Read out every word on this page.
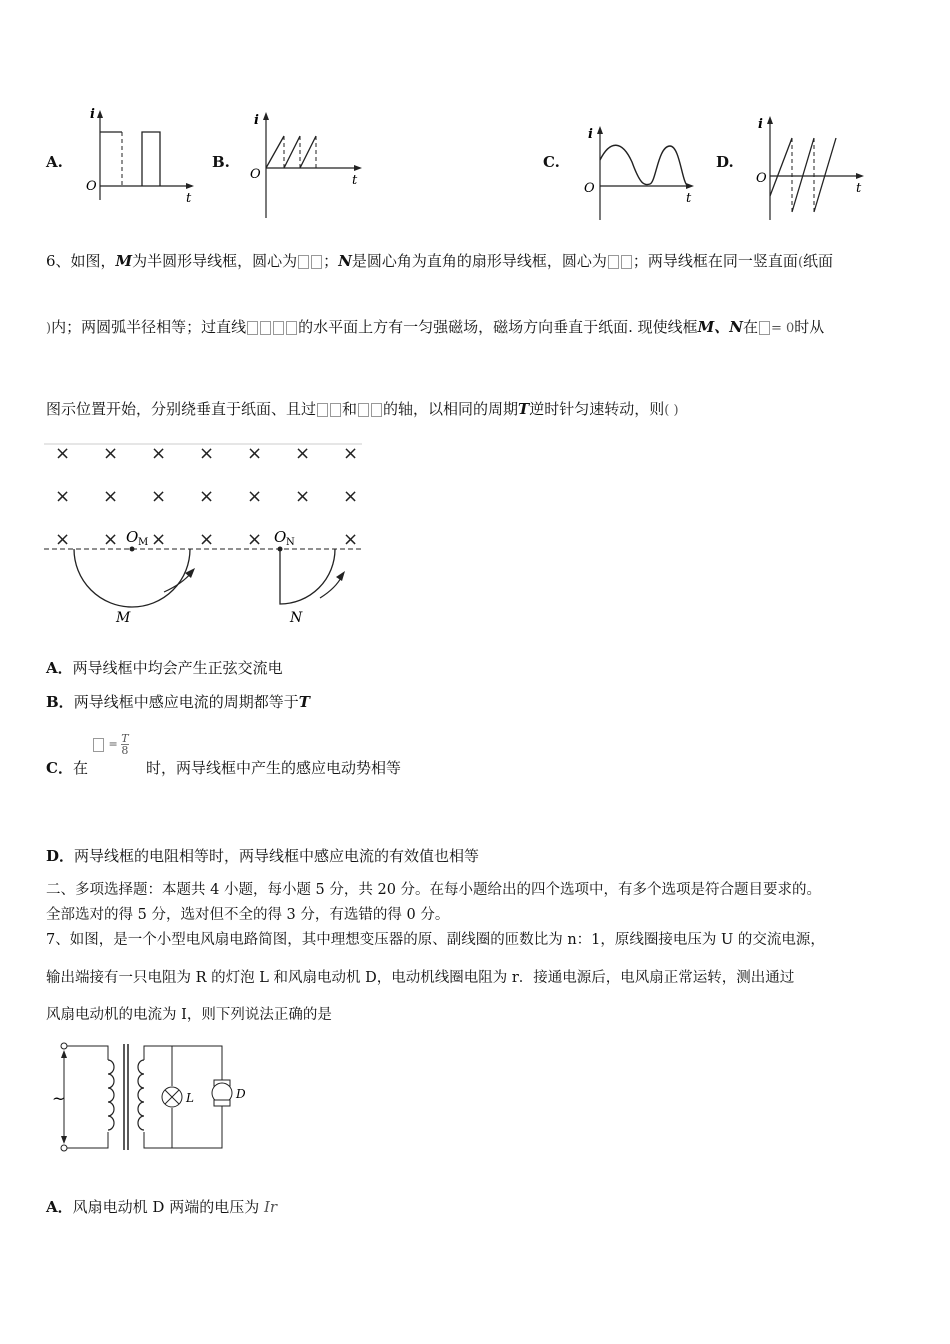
A.
i
O
t
B.
i
O	t
C.
i
O
t
D.
i
O
t
6、如图，M为半圆形导线框，圆心为 ；N是圆心角为直角的扇形导线框，圆心为 ；两导线框在同一竖直面(纸面
)内；两圆弧半径相等；过直线	的水平面上方有一匀强磁场，磁场方向垂直于纸面. 现使线框M、N在 = 0时从
图示位置开始，分别绕垂直于纸面、且过 和 的轴，以相同的周期T逆时针匀速转动，则( )
× × × × × × ×
× × × × × × ×
× × × × ×	×
O M	O N
M	N
A．两导线框中均会产生正弦交流电
B．两导线框中感应电流的周期都等于T
= $\frac{T}{8}$
C．在	时，两导线框中产生的感应电动势相等
D．两导线框的电阻相等时，两导线框中感应电流的有效值也相等
二、多项选择题：本题共 4 小题，每小题 5 分，共 20 分。在每小题给出的四个选项中，有多个选项是符合题目要求的。
全部选对的得 5 分，选对但不全的得 3 分，有选错的得 0 分。
7、如图，是一个小型电风扇电路简图，其中理想变压器的原、副线圈的匝数比为 n：1，原线圈接电压为 U 的交流电源，
输出端接有一只电阻为 R 的灯泡 L 和风扇电动机 D，电动机线圈电阻为 r．接通电源后，电风扇正常运转，测出通过
风扇电动机的电流为 I，则下列说法正确的是
~	L	D
A．风扇电动机 D 两端的电压为 Ir
